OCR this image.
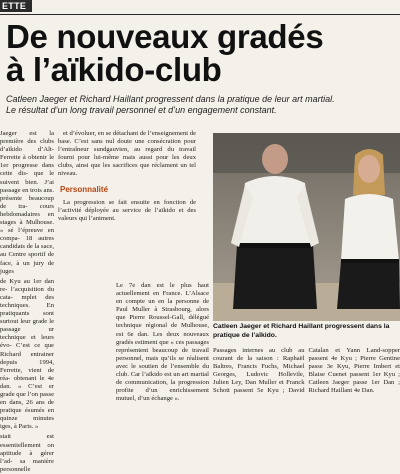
ETTE
De nouveaux gradés
à l’aïkido-club
Catleen Jaeger et Richard Haillant progressent dans la pratique de leur art martial.
Le résultat d’un long travail personnel et d’un engagement constant.

Jaeger est la première des clubs d’aïkido d’Alt-Ferrette à obtenir le 1er progresse dans cette dis- que le suivent bien. J’ai passage en trois ans. présente beaucoup de tra- cours hebdomadaires en stages à Mulhouse. » sé l’épreuve en compa- 18 autres candidats de la sace, au Centre sportif de face, à un jury de juges

de Kyu au 1er dan re- l’acquisition du cata- mplet des techniques. En pratiquants sont surtout leur grade le passage ur technique et leurs évo- C’est ce que Richard entrainer depuis 1994, Ferrette, vient de réa- obtenant le 4e dan. « C’est er grade que l’on passe en dans, 26 ans de pratique ésumés en quinze minutes iges, à Paris. »

stait est essentiellement on aptitude à gérer l’ad- sa manière personnelle

et d’évoluer, en se détachant de l’enseignement de base. C’est sans nul doute une consécration pour l’entraîneur sundgauvien, au regard du travail fourni pour lui-même mais aussi pour les deux clubs, ainsi que les sacrifices que réclament un tel niveau.

Personnalité

La progression se fait ensuite en fonction de l’activité déployée au service de l’aïkido et des valeurs qui l’animent.

Le 7e dan est le plus haut actuellement en France. L’Alsace en compte un en la personne de Paul Muller à Strasbourg, alors que Pierre Roussel-Gall, délégué technique régional de Mulhouse, est 6e dan. Les deux nouveaux gradés estiment que « ces passages représentent beaucoup de travail personnel, mais qu’ils se réalisent avec le soutien de l’ensemble du club. Car l’aïkido est un art martial de communication, la progression profite d’un enrichissement mutuel, d’un échange ».

Catleen Jaeger et Richard Haillant progressent dans la pratique de l’aïkido.

Passages internes au club au courant de la saison : Raphaël Baltres, Francis Fuchs, Michael Georges, Ludovic Hollevile, Julien Ley, Dan Muller et Franck Schott passent 5e Kyu ; David Catalan et Yann Land-sopper passent 4e Kyu ; Pierre Gentine passe 3e Kyu, Pierre Imbert et Blaise Cuenet passent 1er Kyu ; Catleen Jaeger passe 1er Dan ; Richard Haillant 4e Dan.
